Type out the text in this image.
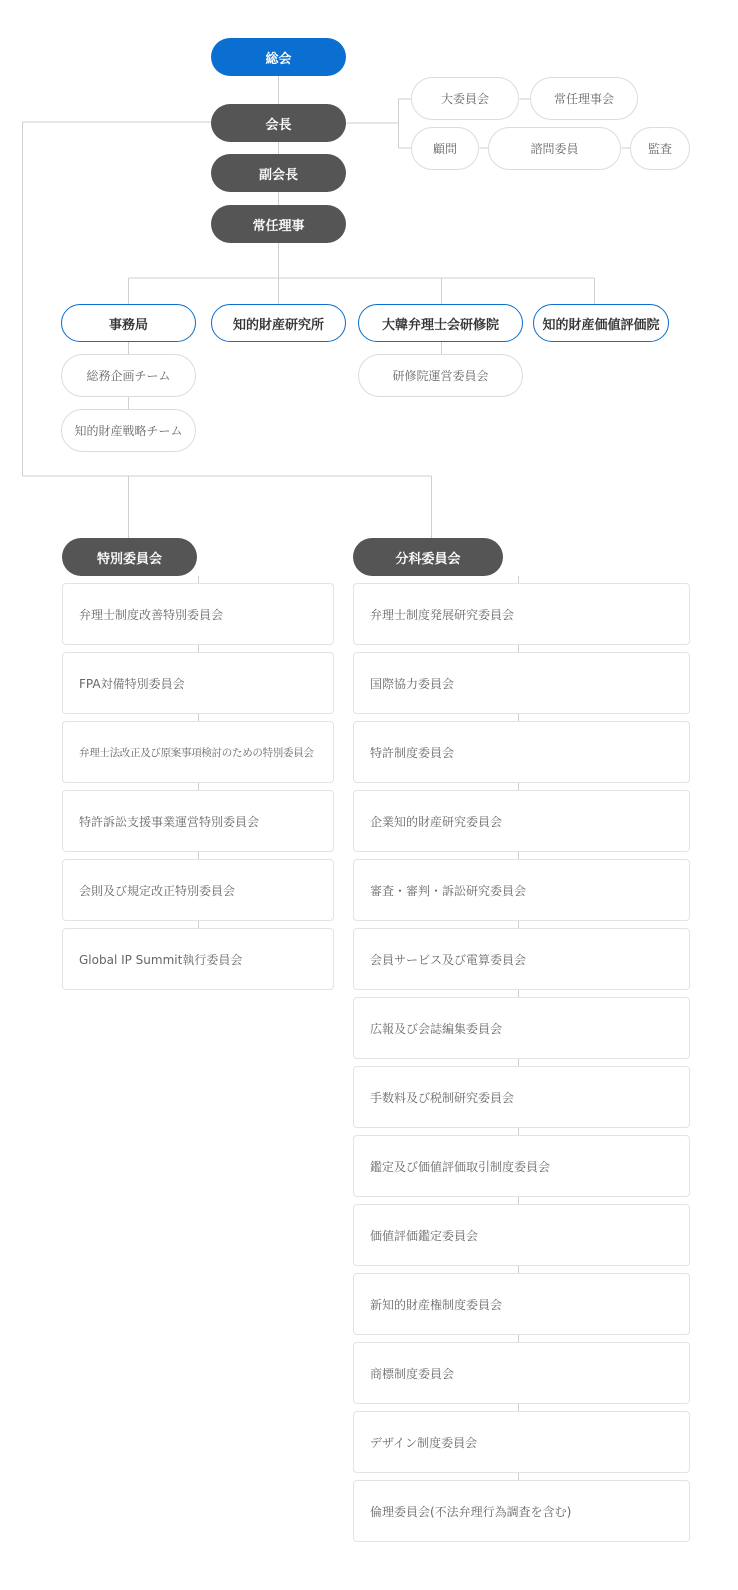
総会
会長
副会長
常任理事
大委員会	常任理事会
顧問	諮問委員	監査
事務局	知的財産研究所	大韓弁理士会研修院	知的財産価値評価院
総務企画チーム
知的財産戦略チーム
研修院運営委員会
特別委員会	分科委員会
弁理士制度改善特別委員会
FPA対備特別委員会
弁理士法改正及び原案事項検討のための特別委員会
特許訴訟支援事業運営特別委員会
会則及び規定改正特別委員会
Global IP Summit執行委員会
弁理士制度発展研究委員会
国際協力委員会
特許制度委員会
企業知的財産研究委員会
審査・審判・訴訟研究委員会
会員サービス及び電算委員会
広報及び会誌編集委員会
手数料及び税制研究委員会
鑑定及び価値評価取引制度委員会
価値評価鑑定委員会
新知的財産権制度委員会
商標制度委員会
デザイン制度委員会
倫理委員会(不法弁理行為調査を含む)
